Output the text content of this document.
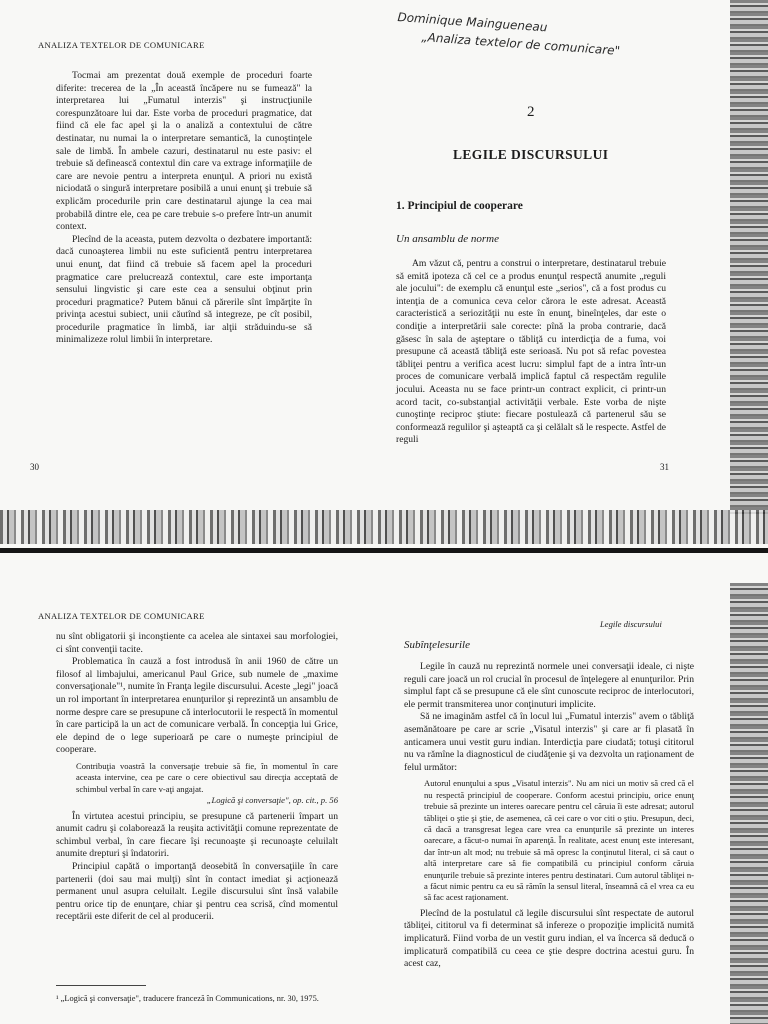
ANALIZA TEXTELOR DE COMUNICARE

Tocmai am prezentat două exemple de proceduri foarte diferite: trecerea de la „În această încăpere nu se fumează" la interpretarea lui „Fumatul interzis" şi instrucţiunile corespunzătoare lui dar. Este vorba de proceduri pragmatice, dat fiind că ele fac apel şi la o analiză a contextului de către destinatar, nu numai la o interpretare semantică, la cunoştinţele sale de limbă. În ambele cazuri, destinatarul nu este pasiv: el trebuie să definească contextul din care va extrage informaţiile de care are nevoie pentru a interpreta enunţul. A priori nu există niciodată o singură interpretare posibilă a unui enunţ şi trebuie să explicăm procedurile prin care destinatarul ajunge la cea mai probabilă dintre ele, cea pe care trebuie s-o prefere într-un anumit context.

Plecînd de la aceasta, putem dezvolta o dezbatere importantă: dacă cunoaşterea limbii nu este suficientă pentru interpretarea unui enunţ, dat fiind că trebuie să facem apel la proceduri pragmatice care prelucrează contextul, care este importanţa sensului lingvistic şi care este cea a sensului obţinut prin proceduri pragmatice? Putem bănui că părerile sînt împărţite în privinţa acestui subiect, unii căutînd să integreze, pe cît posibil, procedurile pragmatice în limbă, iar alţii străduindu-se să minimalizeze rolul limbii în interpretare.

30
Dominique Maingueneau
„Analiza textelor de comunicare"
2
LEGILE DISCURSULUI
1. Principiul de cooperare
Un ansamblu de norme

Am văzut că, pentru a construi o interpretare, destinatarul trebuie să emită ipoteza că cel ce a produs enunţul respectă anumite „reguli ale jocului": de exemplu că enunţul este „serios", că a fost produs cu intenţia de a comunica ceva celor cărora le este adresat. Această caracteristică a seriozităţii nu este în enunţ, bineînţeles, dar este o condiţie a interpretării sale corecte: pînă la proba contrarie, dacă găsesc în sala de aşteptare o tăbliţă cu interdicţia de a fuma, voi presupune că această tăbliţă este serioasă. Nu pot să refac povestea tăbliţei pentru a verifica acest lucru: simplul fapt de a intra într-un proces de comunicare verbală implică faptul că respectăm regulile jocului. Aceasta nu se face printr-un contract explicit, ci printr-un acord tacit, co-substanţial activităţii verbale. Este vorba de nişte cunoştinţe reciproc ştiute: fiecare postulează că partenerul său se conformează regulilor şi aşteaptă ca şi celălalt să le respecte. Astfel de reguli

31
ANALIZA TEXTELOR DE COMUNICARE

nu sînt obligatorii şi inconştiente ca acelea ale sintaxei sau morfologiei, ci sînt convenţii tacite.

Problematica în cauză a fost introdusă în anii 1960 de către un filosof al limbajului, americanul Paul Grice, sub numele de „maxime conversaţionale"¹, numite în Franţa legile discursului. Aceste „legi" joacă un rol important în interpretarea enunţurilor şi reprezintă un ansamblu de norme despre care se presupune că interlocutorii le respectă în momentul în care participă la un act de comunicare verbală. În concepţia lui Grice, ele depind de o lege superioară pe care o numeşte principiul de cooperare.

Contribuţia voastră la conversaţie trebuie să fie, în momentul în care aceasta intervine, cea pe care o cere obiectivul sau direcţia acceptată de schimbul verbal în care v-aţi angajat.
„Logică şi conversaţie", op. cit., p. 56

În virtutea acestui principiu, se presupune că partenerii împart un anumit cadru şi colaborează la reuşita activităţii comune reprezentate de schimbul verbal, în care fiecare îşi recunoaşte şi recunoaşte celuilalt anumite drepturi şi îndatoriri.

Principiul capătă o importanţă deosebită în conversaţiile în care partenerii (doi sau mai mulţi) sînt în contact imediat şi acţionează permanent unul asupra celuilalt. Legile discursului sînt însă valabile pentru orice tip de enunţare, chiar şi pentru cea scrisă, cînd momentul receptării este diferit de cel al producerii.

¹ „Logică şi conversaţie", traducere franceză în Communications, nr. 30, 1975.
Legile discursului
Subînţelesurile

Legile în cauză nu reprezintă normele unei conversaţii ideale, ci nişte reguli care joacă un rol crucial în procesul de înţelegere al enunţurilor. Prin simplul fapt că se presupune că ele sînt cunoscute reciproc de interlocutori, ele permit transmiterea unor conţinuturi implicite.

Să ne imaginăm astfel că în locul lui „Fumatul interzis" avem o tăbliţă asemănătoare pe care ar scrie „Visatul interzis" şi care ar fi plasată în anticamera unui vestit guru indian. Interdicţia pare ciudată; totuşi cititorul nu va rămîne la diagnosticul de ciudăţenie şi va dezvolta un raţionament de felul următor:

Autorul enunţului a spus „Visatul interzis". Nu am nici un motiv să cred că el nu respectă principiul de cooperare. Conform acestui principiu, orice enunţ trebuie să prezinte un interes oarecare pentru cel căruia îi este adresat; autorul tăbliţei o ştie şi ştie, de asemenea, că cei care o vor citi o ştiu. Presupun, deci, că dacă a transgresat legea care vrea ca enunţurile să prezinte un interes oarecare, a făcut-o numai în aparenţă. În realitate, acest enunţ este interesant, dar într-un alt mod; nu trebuie să mă opresc la conţinutul literal, ci să caut o altă interpretare care să fie compatibilă cu principiul conform căruia enunţurile trebuie să prezinte interes pentru destinatari. Cum autorul tăbliţei n-a făcut nimic pentru ca eu să rămîn la sensul literal, înseamnă că el vrea ca eu să fac acest raţionament.

Plecînd de la postulatul că legile discursului sînt respectate de autorul tăbliţei, cititorul va fi determinat să infereze o propoziţie implicită numită implicatură. Fiind vorba de un vestit guru indian, el va încerca să deducă o implicatură compatibilă cu ceea ce ştie despre doctrina acestui guru. În acest caz,
